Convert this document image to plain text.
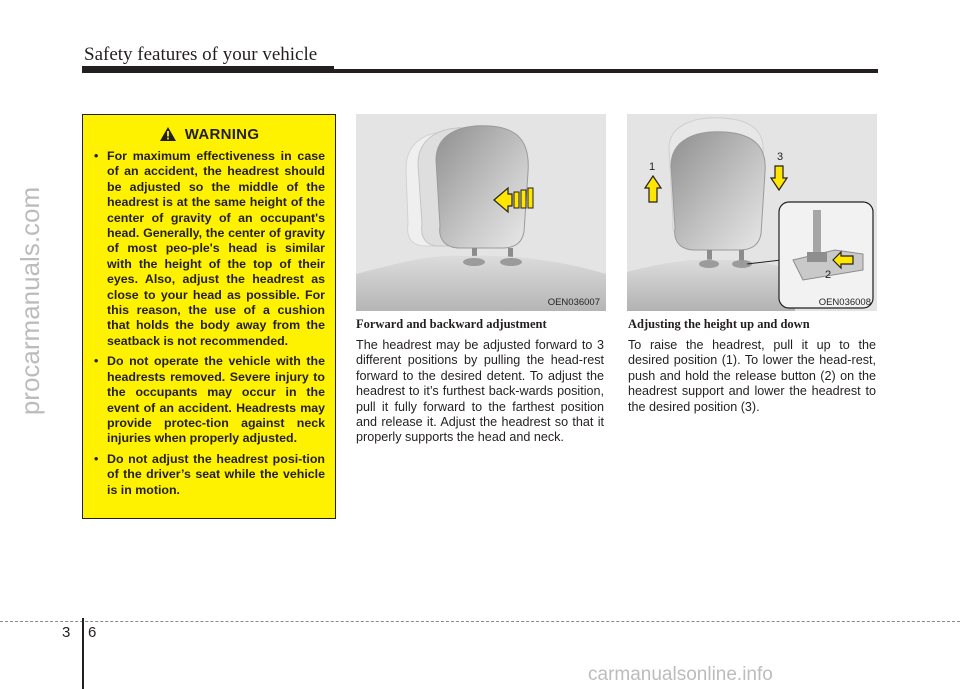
Safety features of your vehicle
procarmanuals.com
WARNING
• For maximum effectiveness in case of an accident, the headrest should be adjusted so the middle of the headrest is at the same height of the center of gravity of an occupant's head. Generally, the center of gravity of most peo-ple's head is similar with the height of the top of their eyes. Also, adjust the headrest as close to your head as possible. For this reason, the use of a cushion that holds the body away from the seatback is not recommended.
• Do not operate the vehicle with the headrests removed. Severe injury to the occupants may occur in the event of an accident. Headrests may provide protec-tion against neck injuries when properly adjusted.
• Do not adjust the headrest posi-tion of the driver’s seat while the vehicle is in motion.
OEN036007
1
3
2
OEN036008
Forward and backward adjustment
The headrest may be adjusted forward to 3 different positions by pulling the head-rest forward to the desired detent. To adjust the headrest to it’s furthest back-wards position, pull it fully forward to the farthest position and release it. Adjust the headrest so that it properly supports the head and neck.
Adjusting the height up and down
To raise the headrest, pull it up to the desired position (1). To lower the head-rest, push and hold the release button (2) on the headrest support and lower the headrest to the desired position (3).
3 6
carmanualsonline.info
